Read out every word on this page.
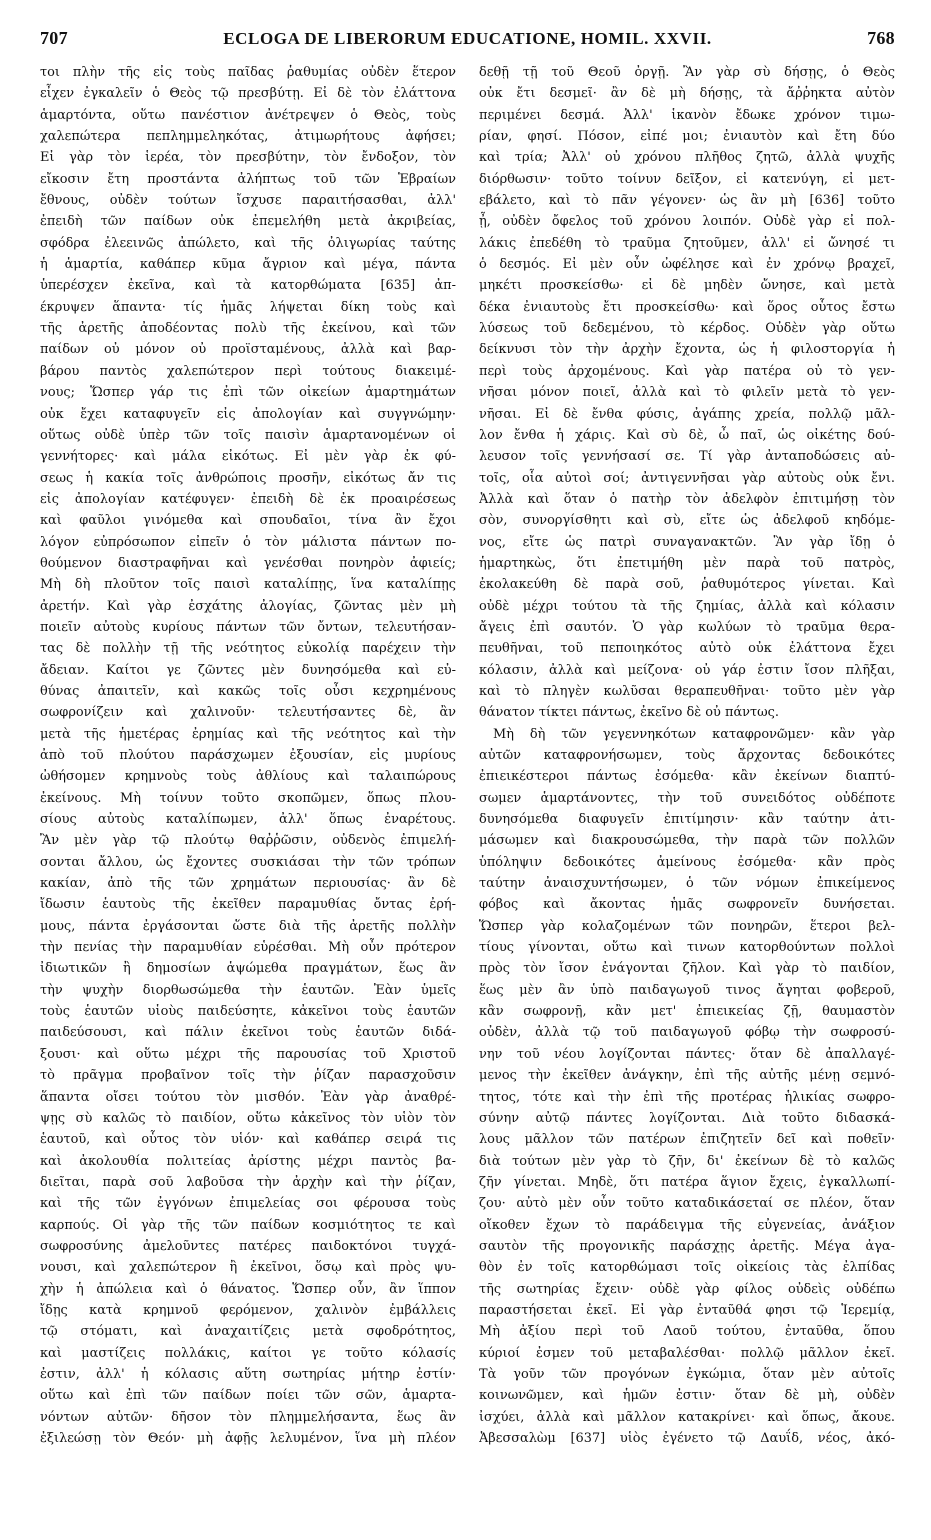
707	ECLOGA DE LIBERORUM EDUCATIONE, HOMIL. XXVII.	768

τοι πλὴν τῆς εἰς τοὺς παῖδας ῥαθυμίας οὐδὲν ἕτερον

εἶχεν ἐγκαλεῖν ὁ Θεὸς τῷ πρεσβύτῃ. Εἰ δὲ τὸν ἐλάττονα

ἁμαρτόντα, οὕτω πανέστιον ἀνέτρεψεν ὁ Θεὸς, τοὺς

χαλεπώτερα πεπλημμεληκότας, ἀτιμωρήτους ἀφήσει;

Εἰ γὰρ τὸν ἱερέα, τὸν πρεσβύτην, τὸν ἔνδοξον, τὸν

εἴκοσιν ἔτη προστάντα ἀλήπτως τοῦ τῶν Ἑβραίων

ἔθνους, οὐδὲν τούτων ἴσχυσε παραιτήσασθαι, ἀλλ'

ἐπειδὴ τῶν παίδων οὐκ ἐπεμελήθη μετὰ ἀκριβείας,

σφόδρα ἐλεεινῶς ἀπώλετο, καὶ τῆς ὀλιγωρίας ταύτης

ἡ ἁμαρτία, καθάπερ κῦμα ἄγριον καὶ μέγα, πάντα

ὑπερέσχεν ἐκεῖνα, καὶ τὰ κατορθώματα [635] ἀπ-

έκρυψεν ἅπαντα· τίς ἡμᾶς λήψεται δίκη τοὺς καὶ

τῆς ἀρετῆς ἀποδέοντας πολὺ τῆς ἐκείνου, καὶ τῶν

παίδων οὐ μόνον οὐ προϊσταμένους, ἀλλὰ καὶ βαρ-

βάρου παντὸς χαλεπώτερον περὶ τούτους διακειμέ-

νους; Ὥσπερ γάρ τις ἐπὶ τῶν οἰκείων ἁμαρτημάτων

οὐκ ἔχει καταφυγεῖν εἰς ἀπολογίαν καὶ συγγνώμην·

οὕτως οὐδὲ ὑπὲρ τῶν τοῖς παισὶν ἁμαρτανομένων οἱ

γεννήτορες· καὶ μάλα εἰκότως. Εἰ μὲν γὰρ ἐκ φύ-

σεως ἡ κακία τοῖς ἀνθρώποις προσῆν, εἰκότως ἄν τις

εἰς ἀπολογίαν κατέφυγεν· ἐπειδὴ δὲ ἐκ προαιρέσεως

καὶ φαῦλοι γινόμεθα καὶ σπουδαῖοι, τίνα ἂν ἔχοι

λόγον εὐπρόσωπον εἰπεῖν ὁ τὸν μάλιστα πάντων πο-

θούμενον διαστραφῆναι καὶ γενέσθαι πονηρὸν ἀφιείς;

Μὴ δὴ πλοῦτον τοῖς παισὶ καταλίπῃς, ἵνα καταλίπῃς

ἀρετήν. Καὶ γὰρ ἐσχάτης ἀλογίας, ζῶντας μὲν μὴ

ποιεῖν αὐτοὺς κυρίους πάντων τῶν ὄντων, τελευτήσαν-

τας δὲ πολλὴν τῇ τῆς νεότητος εὐκολίᾳ παρέχειν τὴν

ἄδειαν. Καίτοι γε ζῶντες μὲν δυνησόμεθα καὶ εὐ-

θύνας ἀπαιτεῖν, καὶ κακῶς τοῖς οὖσι κεχρημένους

σωφρονίζειν καὶ χαλινοῦν· τελευτήσαντες δὲ, ἂν

μετὰ τῆς ἡμετέρας ἐρημίας καὶ τῆς νεότητος καὶ τὴν

ἀπὸ τοῦ πλούτου παράσχωμεν ἐξουσίαν, εἰς μυρίους

ὠθήσομεν κρημνοὺς τοὺς ἀθλίους καὶ ταλαιπώρους

ἐκείνους. Μὴ τοίνυν τοῦτο σκοπῶμεν, ὅπως πλου-

σίους αὐτοὺς καταλίπωμεν, ἀλλ' ὅπως ἐναρέτους.

Ἂν μὲν γὰρ τῷ πλούτῳ θαῤῥῶσιν, οὐδενὸς ἐπιμελή-

σονται ἄλλου, ὡς ἔχοντες συσκιάσαι τὴν τῶν τρόπων

κακίαν, ἀπὸ τῆς τῶν χρημάτων περιουσίας· ἂν δὲ

ἴδωσιν ἑαυτοὺς τῆς ἐκεῖθεν παραμυθίας ὄντας ἐρή-

μους, πάντα ἐργάσονται ὥστε διὰ τῆς ἀρετῆς πολλὴν

τὴν πενίας τὴν παραμυθίαν εὑρέσθαι. Μὴ οὖν πρότερον

ἰδιωτικῶν ἢ δημοσίων ἁψώμεθα πραγμάτων, ἕως ἂν

τὴν ψυχὴν διορθωσώμεθα τὴν ἑαυτῶν. Ἐὰν ὑμεῖς

τοὺς ἑαυτῶν υἱοὺς παιδεύσητε, κἀκεῖνοι τοὺς ἑαυτῶν

παιδεύσουσι, καὶ πάλιν ἐκεῖνοι τοὺς ἑαυτῶν διδά-

ξουσι· καὶ οὕτω μέχρι τῆς παρουσίας τοῦ Χριστοῦ

τὸ πρᾶγμα προβαῖνον τοῖς τὴν ῥίζαν παρασχοῦσιν

ἅπαντα οἴσει τούτου τὸν μισθόν. Ἐὰν γὰρ ἀναθρέ-

ψῃς σὺ καλῶς τὸ παιδίον, οὕτω κἀκεῖνος τὸν υἱὸν τὸν

ἑαυτοῦ, καὶ οὗτος τὸν υἱόν· καὶ καθάπερ σειρά τις

καὶ ἀκολουθία πολιτείας ἀρίστης μέχρι παντὸς βα-

διεῖται, παρὰ σοῦ λαβοῦσα τὴν ἀρχὴν καὶ τὴν ῥίζαν,

καὶ τῆς τῶν ἐγγόνων ἐπιμελείας σοι φέρουσα τοὺς

καρπούς. Οἱ γὰρ τῆς τῶν παίδων κοσμιότητος τε καὶ

σωφροσύνης ἀμελοῦντες πατέρες παιδοκτόνοι τυγχά-

νουσι, καὶ χαλεπώτερον ἢ ἐκεῖνοι, ὅσῳ καὶ πρὸς ψυ-

χὴν ἡ ἀπώλεια καὶ ὁ θάνατος. Ὥσπερ οὖν, ἂν ἵππον

ἴδῃς κατὰ κρημνοῦ φερόμενον, χαλινὸν ἐμβάλλεις

τῷ στόματι, καὶ ἀναχαιτίζεις μετὰ σφοδρότητος,

καὶ μαστίζεις πολλάκις, καίτοι γε τοῦτο κόλασίς

ἐστιν, ἀλλ' ἡ κόλασις αὕτη σωτηρίας μήτηρ ἐστίν·

οὕτω καὶ ἐπὶ τῶν παίδων ποίει τῶν σῶν, ἁμαρτα-

νόντων αὐτῶν· δῆσον τὸν πλημμελήσαντα, ἕως ἂν

ἐξιλεώσῃ τὸν Θεόν· μὴ ἀφῇς λελυμένον, ἵνα μὴ πλέον

δεθῇ τῇ τοῦ Θεοῦ ὀργῇ. Ἂν γὰρ σὺ δήσῃς, ὁ Θεὸς

οὐκ ἔτι δεσμεῖ· ἂν δὲ μὴ δήσῃς, τὰ ἄῤῥηκτα αὐτὸν

περιμένει δεσμά. Ἀλλ' ἱκανὸν ἔδωκε χρόνον τιμω-

ρίαν, φησί. Πόσον, εἰπέ μοι; ἐνιαυτὸν καὶ ἔτη δύο

καὶ τρία; Ἀλλ' οὐ χρόνου πλῆθος ζητῶ, ἀλλὰ ψυχῆς

διόρθωσιν· τοῦτο τοίνυν δεῖξον, εἰ κατενύγη, εἰ μετ-

εβάλετο, καὶ τὸ πᾶν γέγονεν· ὡς ἂν μὴ [636] τοῦτο

ᾖ, οὐδὲν ὄφελος τοῦ χρόνου λοιπόν. Οὐδὲ γὰρ εἰ πολ-

λάκις ἐπεδέθη τὸ τραῦμα ζητοῦμεν, ἀλλ' εἰ ὤνησέ τι

ὁ δεσμός. Εἰ μὲν οὖν ὠφέλησε καὶ ἐν χρόνῳ βραχεῖ,

μηκέτι προσκείσθω· εἰ δὲ μηδὲν ὤνησε, καὶ μετὰ

δέκα ἐνιαυτοὺς ἔτι προσκείσθω· καὶ ὅρος οὗτος ἔστω

λύσεως τοῦ δεδεμένου, τὸ κέρδος. Οὐδὲν γὰρ οὕτω

δείκνυσι τὸν τὴν ἀρχὴν ἔχοντα, ὡς ἡ φιλοστοργία ἡ

περὶ τοὺς ἀρχομένους. Καὶ γὰρ πατέρα οὐ τὸ γεν-

νῆσαι μόνον ποιεῖ, ἀλλὰ καὶ τὸ φιλεῖν μετὰ τὸ γεν-

νῆσαι. Εἰ δὲ ἔνθα φύσις, ἀγάπης χρεία, πολλῷ μᾶλ-

λον ἔνθα ἡ χάρις. Καὶ σὺ δὲ, ὦ παῖ, ὡς οἰκέτης δού-

λευσον τοῖς γεννήσασί σε. Τί γὰρ ἀνταποδώσεις αὐ-

τοῖς, οἷα αὐτοὶ σοί; ἀντιγεννῆσαι γὰρ αὐτοὺς οὐκ ἔνι.

Ἀλλὰ καὶ ὅταν ὁ πατὴρ τὸν ἀδελφὸν ἐπιτιμήσῃ τὸν

σὸν, συνοργίσθητι καὶ σὺ, εἴτε ὡς ἀδελφοῦ κηδόμε-

νος, εἴτε ὡς πατρὶ συναγανακτῶν. Ἂν γὰρ ἴδῃ ὁ

ἡμαρτηκὼς, ὅτι ἐπετιμήθη μὲν παρὰ τοῦ πατρὸς,

ἐκολακεύθη δὲ παρὰ σοῦ, ῥαθυμότερος γίνεται. Καὶ

οὐδὲ μέχρι τούτου τὰ τῆς ζημίας, ἀλλὰ καὶ κόλασιν

ἄγεις ἐπὶ σαυτόν. Ὁ γὰρ κωλύων τὸ τραῦμα θερα-

πευθῆναι, τοῦ πεποιηκότος αὐτὸ οὐκ ἐλάττονα ἔχει

κόλασιν, ἀλλὰ καὶ μείζονα· οὐ γάρ ἐστιν ἴσον πλῆξαι,

καὶ τὸ πληγὲν κωλῦσαι θεραπευθῆναι· τοῦτο μὲν γὰρ

θάνατον τίκτει πάντως, ἐκεῖνο δὲ οὐ πάντως.

Μὴ δὴ τῶν γεγεννηκότων καταφρονῶμεν· κἂν γὰρ

αὐτῶν καταφρονήσωμεν, τοὺς ἄρχοντας δεδοικότες

ἐπιεικέστεροι πάντως ἐσόμεθα· κἂν ἐκείνων διαπτύ-

σωμεν ἁμαρτάνοντες, τὴν τοῦ συνειδότος οὐδέποτε

δυνησόμεθα διαφυγεῖν ἐπιτίμησιν· κἂν ταύτην ἀτι-

μάσωμεν καὶ διακρουσώμεθα, τὴν παρὰ τῶν πολλῶν

ὑπόληψιν δεδοικότες ἀμείνους ἐσόμεθα· κἂν πρὸς

ταύτην ἀναισχυντήσωμεν, ὁ τῶν νόμων ἐπικείμενος

φόβος καὶ ἄκοντας ἡμᾶς σωφρονεῖν δυνήσεται.

Ὥσπερ γὰρ κολαζομένων τῶν πονηρῶν, ἕτεροι βελ-

τίους γίνονται, οὕτω καὶ τινων κατορθούντων πολλοὶ

πρὸς τὸν ἴσον ἐνάγονται ζῆλον. Καὶ γὰρ τὸ παιδίον,

ἕως μὲν ἂν ὑπὸ παιδαγωγοῦ τινος ἄγηται φοβεροῦ,

κἂν σωφρονῇ, κἂν μετ' ἐπιεικείας ζῇ, θαυμαστὸν

οὐδὲν, ἀλλὰ τῷ τοῦ παιδαγωγοῦ φόβῳ τὴν σωφροσύ-

νην τοῦ νέου λογίζονται πάντες· ὅταν δὲ ἀπαλλαγέ-

μενος τὴν ἐκεῖθεν ἀνάγκην, ἐπὶ τῆς αὐτῆς μένῃ σεμνό-

τητος, τότε καὶ τὴν ἐπὶ τῆς προτέρας ἡλικίας σωφρο-

σύνην αὐτῷ πάντες λογίζονται. Διὰ τοῦτο διδασκά-

λους μᾶλλον τῶν πατέρων ἐπιζητεῖν δεῖ καὶ ποθεῖν·

διὰ τούτων μὲν γὰρ τὸ ζῆν, δι' ἐκείνων δὲ τὸ καλῶς

ζῆν γίνεται. Μηδὲ, ὅτι πατέρα ἅγιον ἔχεις, ἐγκαλλωπί-

ζου· αὐτὸ μὲν οὖν τοῦτο καταδικάσεταί σε πλέον, ὅταν

οἴκοθεν ἔχων τὸ παράδειγμα τῆς εὐγενείας, ἀνάξιον

σαυτὸν τῆς προγονικῆς παράσχῃς ἀρετῆς. Μέγα ἀγα-

θὸν ἐν τοῖς κατορθώμασι τοῖς οἰκείοις τὰς ἐλπίδας

τῆς σωτηρίας ἔχειν· οὐδὲ γὰρ φίλος οὐδεὶς οὐδέπω

παραστήσεται ἐκεῖ. Εἰ γὰρ ἐνταῦθά φησι τῷ Ἱερεμίᾳ,

Μὴ ἀξίου περὶ τοῦ Λαοῦ τούτου, ἐνταῦθα, ὅπου

κύριοί ἐσμεν τοῦ μεταβαλέσθαι· πολλῷ μᾶλλον ἐκεῖ.

Τὰ γοῦν τῶν προγόνων ἐγκώμια, ὅταν μὲν αὐτοῖς

κοινωνῶμεν, καὶ ἡμῶν ἐστιν· ὅταν δὲ μὴ, οὐδὲν

ἰσχύει, ἀλλὰ καὶ μᾶλλον κατακρίνει· καὶ ὅπως, ἄκουε.

Ἀβεσσαλὼμ [637] υἱὸς ἐγένετο τῷ Δαυΐδ, νέος, ἀκό-
